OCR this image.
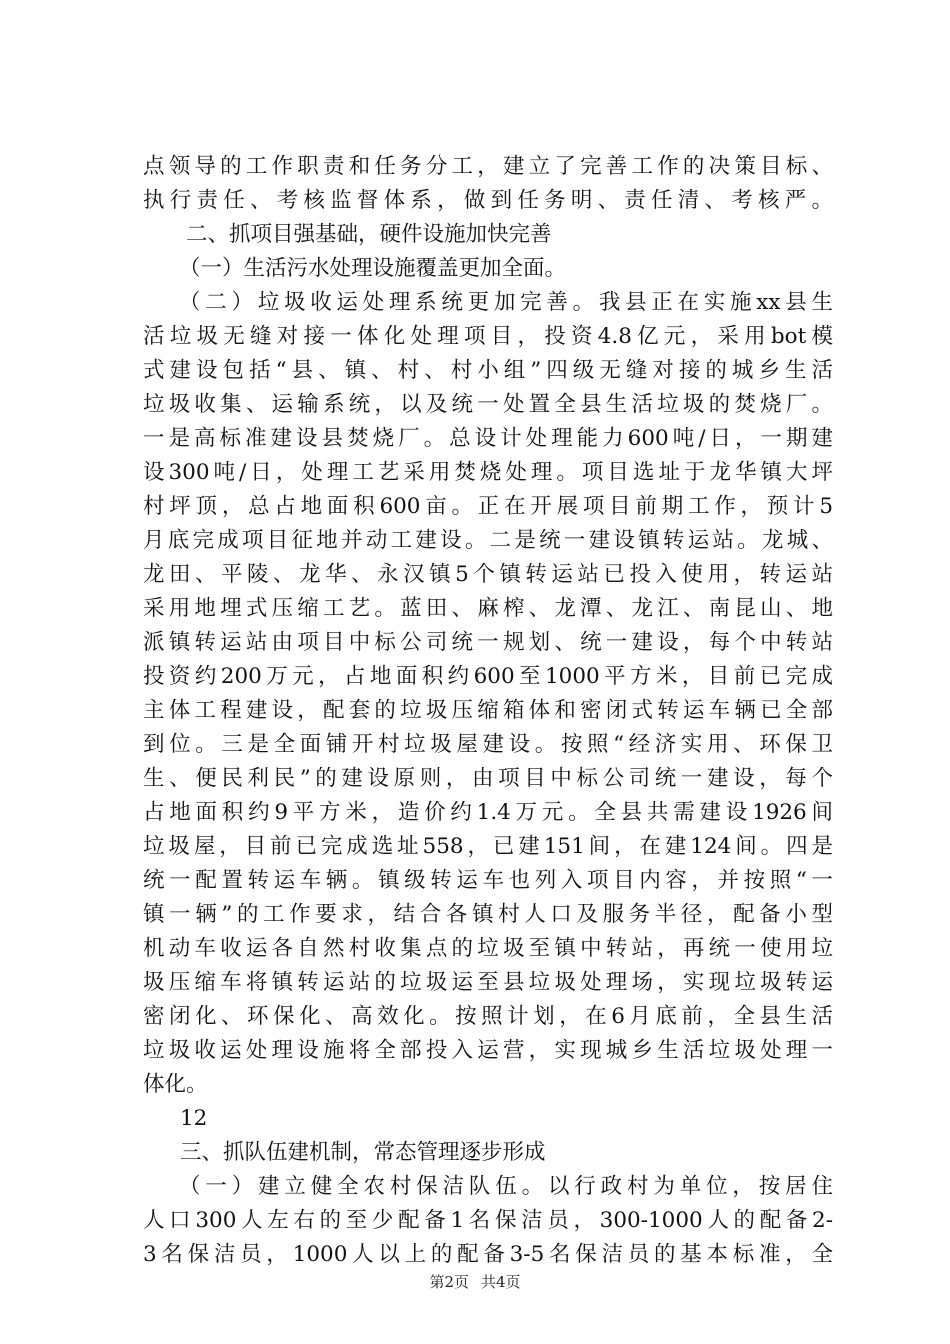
点领导的工作职责和任务分工，建立了完善工作的决策目标、
执行责任、考核监督体系，做到任务明、责任清、考核严。
二、抓项目强基础，硬件设施加快完善
（一）生活污水处理设施覆盖更加全面。
（二）垃圾收运处理系统更加完善。我县正在实施xx县生
活垃圾无缝对接一体化处理项目，投资4.8亿元，采用bot模
式建设包括“县、镇、村、村小组”四级无缝对接的城乡生活
垃圾收集、运输系统，以及统一处置全县生活垃圾的焚烧厂。
一是高标准建设县焚烧厂。总设计处理能力600吨/日，一期建
设300吨/日，处理工艺采用焚烧处理。项目选址于龙华镇大坪
村坪顶，总占地面积600亩。正在开展项目前期工作，预计5
月底完成项目征地并动工建设。二是统一建设镇转运站。龙城、
龙田、平陵、龙华、永汉镇5个镇转运站已投入使用，转运站
采用地埋式压缩工艺。蓝田、麻榨、龙潭、龙江、南昆山、地
派镇转运站由项目中标公司统一规划、统一建设，每个中转站
投资约200万元，占地面积约600至1000平方米，目前已完成
主体工程建设，配套的垃圾压缩箱体和密闭式转运车辆已全部
到位。三是全面铺开村垃圾屋建设。按照“经济实用、环保卫
生、便民利民”的建设原则，由项目中标公司统一建设，每个
占地面积约9平方米，造价约1.4万元。全县共需建设1926间
垃圾屋，目前已完成选址558，已建151间，在建124间。四是
统一配置转运车辆。镇级转运车也列入项目内容，并按照“一
镇一辆”的工作要求，结合各镇村人口及服务半径，配备小型
机动车收运各自然村收集点的垃圾至镇中转站，再统一使用垃
圾压缩车将镇转运站的垃圾运至县垃圾处理场，实现垃圾转运
密闭化、环保化、高效化。按照计划，在6月底前，全县生活
垃圾收运处理设施将全部投入运营，实现城乡生活垃圾处理一
体化。
12
三、抓队伍建机制，常态管理逐步形成
（一）建立健全农村保洁队伍。以行政村为单位，按居住
人口300人左右的至少配备1名保洁员，300-1000人的配备2-
3名保洁员，1000人以上的配备3-5名保洁员的基本标准，全
第2页 共4页
